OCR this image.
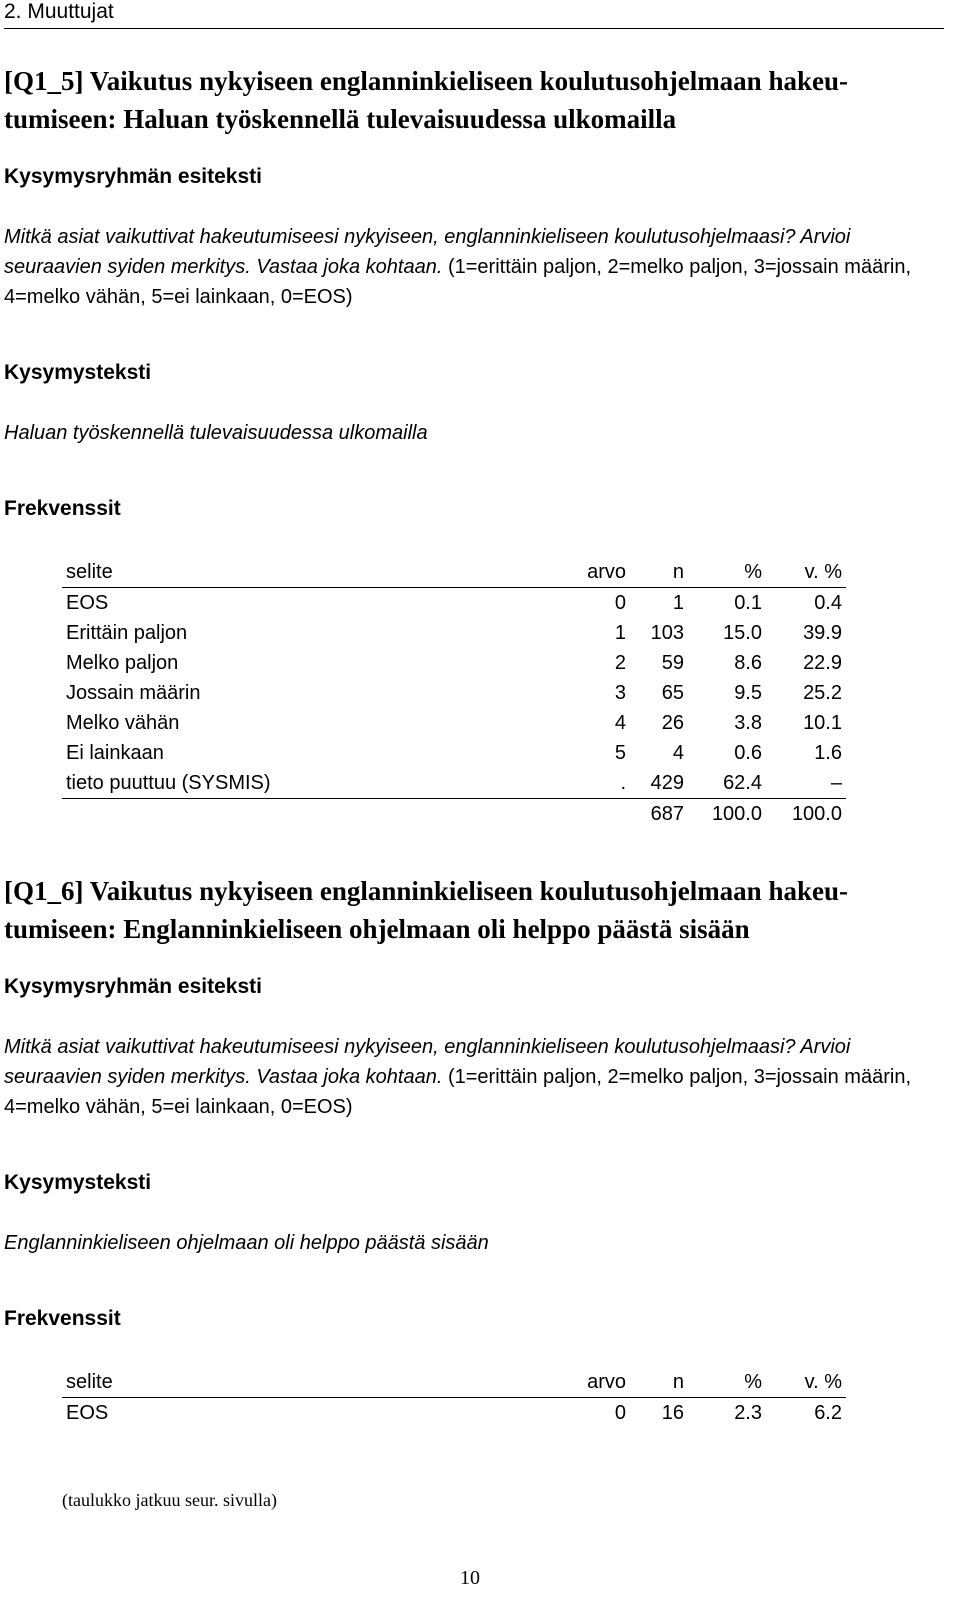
2. Muuttujat
[Q1_5] Vaikutus nykyiseen englanninkieliseen koulutusohjelmaan hakeu-tumiseen: Haluan työskennellä tulevaisuudessa ulkomailla
Kysymysryhmän esiteksti

Mitkä asiat vaikuttivat hakeutumiseesi nykyiseen, englanninkieliseen koulutusohjelmaasi? Arvioi seuraavien syiden merkitys. Vastaa joka kohtaan. (1=erittäin paljon, 2=melko paljon, 3=jossain määrin, 4=melko vähän, 5=ei lainkaan, 0=EOS)

Kysymysteksti

Haluan työskennellä tulevaisuudessa ulkomailla

Frekvenssit
selite	arvo	n	%	v. %
EOS	0	1	0.1	0.4
Erittäin paljon	1	103	15.0	39.9
Melko paljon	2	59	8.6	22.9
Jossain määrin	3	65	9.5	25.2
Melko vähän	4	26	3.8	10.1
Ei lainkaan	5	4	0.6	1.6
tieto puuttuu (SYSMIS)	.	429	62.4	–
		687	100.0	100.0
[Q1_6] Vaikutus nykyiseen englanninkieliseen koulutusohjelmaan hakeu-tumiseen: Englanninkieliseen ohjelmaan oli helppo päästä sisään
Kysymysryhmän esiteksti

Mitkä asiat vaikuttivat hakeutumiseesi nykyiseen, englanninkieliseen koulutusohjelmaasi? Arvioi seuraavien syiden merkitys. Vastaa joka kohtaan. (1=erittäin paljon, 2=melko paljon, 3=jossain määrin, 4=melko vähän, 5=ei lainkaan, 0=EOS)

Kysymysteksti

Englanninkieliseen ohjelmaan oli helppo päästä sisään

Frekvenssit
selite	arvo	n	%	v. %
EOS	0	16	2.3	6.2
(taulukko jatkuu seur. sivulla)
10
